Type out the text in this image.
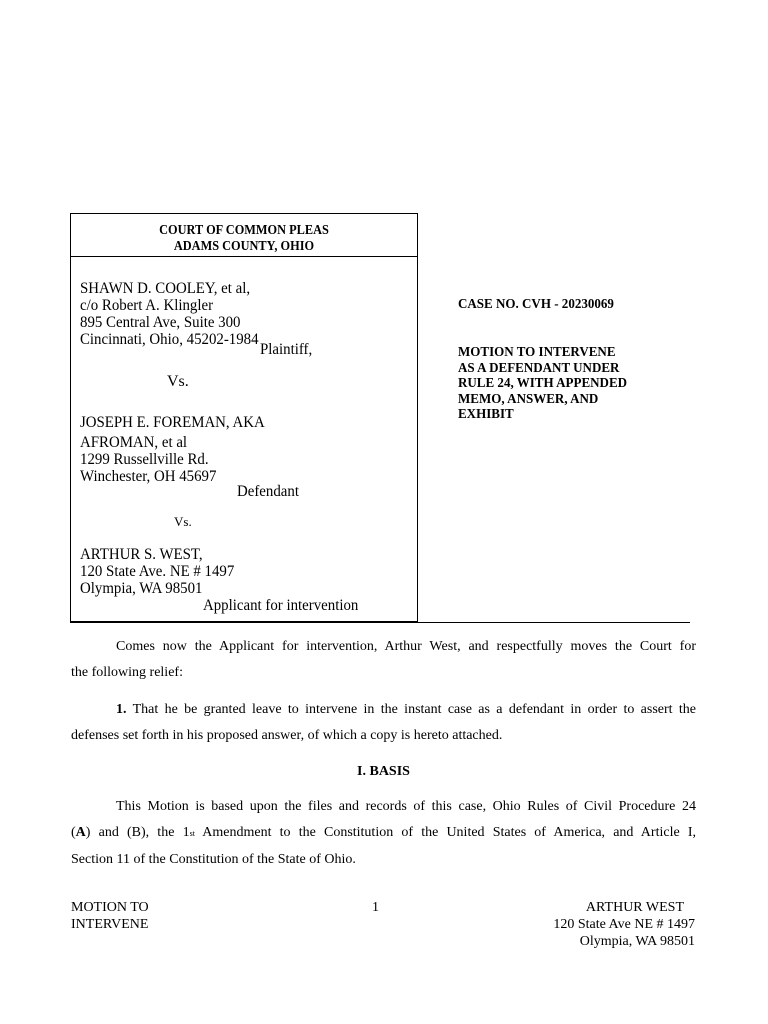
COURT OF COMMON PLEAS
ADAMS COUNTY, OHIO
SHAWN D. COOLEY, et al,
c/o Robert A. Klingler
895 Central Ave, Suite 300
Cincinnati, Ohio, 45202-1984
Plaintiff,
Vs.
JOSEPH E. FOREMAN, AKA
AFROMAN, et al
1299 Russellville Rd.
Winchester, OH 45697
Defendant
Vs.
ARTHUR S. WEST,
120 State Ave. NE # 1497
Olympia, WA 98501
Applicant for intervention
CASE NO. CVH - 20230069
MOTION TO INTERVENE
AS A DEFENDANT UNDER
RULE 24, WITH APPENDED
MEMO, ANSWER, AND
EXHIBIT
Comes now the Applicant for intervention, Arthur West, and respectfully moves the Court for
the following relief:
1. That he be granted leave to intervene in the instant case as a defendant in order to assert the
defenses set forth in his proposed answer, of which a copy is hereto attached.
I. BASIS
This Motion is based upon the files and records of this case, Ohio Rules of Civil Procedure 24
(A) and (B), the 1st Amendment to the Constitution of the United States of America, and Article I,
Section 11 of the Constitution of the State of Ohio.
MOTION TO
INTERVENE
1	ARTHUR WEST
120 State Ave NE # 1497
Olympia, WA 98501
